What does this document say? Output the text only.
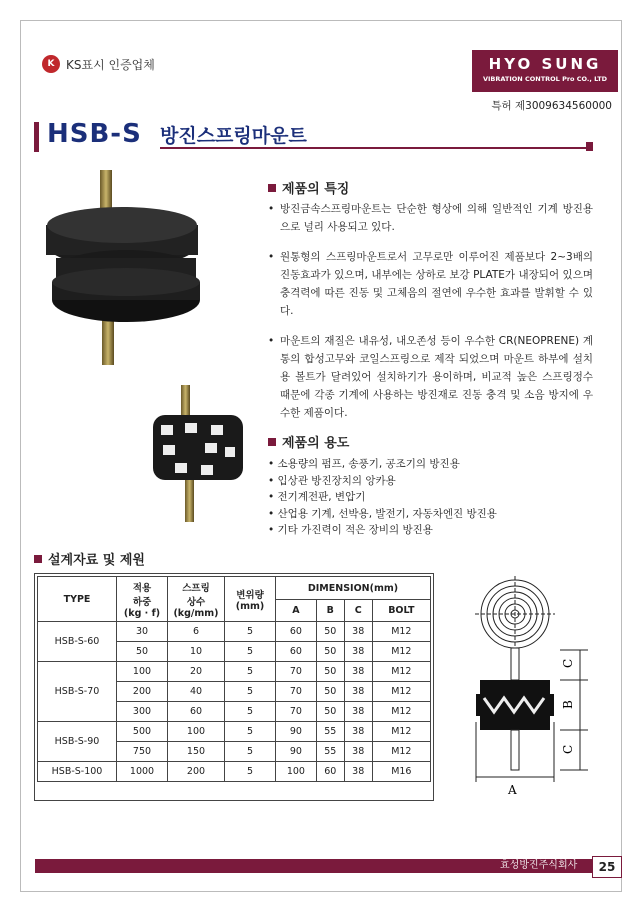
K KS표시 인증업체	HYO SUNG
VIBRATION CONTROL Pro CO., LTD
특허 제3009634560000
HSB-S 방진스프링마운트
제품의 특징
• 방진금속스프링마운트는 단순한 형상에 의해 일반적인 기계 방진용으로 널리 사용되고 있다.
• 원통형의 스프링마운트로서 고무로만 이루어진 제품보다 2~3배의 진동효과가 있으며, 내부에는 상하로 보강 PLATE가 내장되어 있으며 충격력에 따른 진동 및 고체음의 절연에 우수한 효과를 발휘할 수 있다.
• 마운트의 재질은 내유성, 내오존성 등이 우수한 CR(NEOPRENE) 계통의 합성고무와 코일스프링으로 제작 되었으며 마운트 하부에 설치용 볼트가 달려있어 설치하기가 용이하며, 비교적 높은 스프링정수 때문에 각종 기계에 사용하는 방진재로 진동 충격 및 소음 방지에 우수한 제품이다.
제품의 용도
• 소용량의 펌프, 송풍기, 공조기의 방진용
• 입상관 방진장치의 앙카용
• 전기계전판, 변압기
• 산업용 기계, 선박용, 발전기, 자동차엔진 방진용
• 기타 가진력이 적은 장비의 방진용
설계자료 및 제원
TYPE	적용
하중
(kg · f)	스프링
상수
(kg/mm)	변위량
(mm)	DIMENSION(mm)			
				A	B	C	BOLT
HSB-S-60	30	6	5	60	50	38	M12
	50	10	5	60	50	38	M12
HSB-S-70	100	20	5	70	50	38	M12
	200	40	5	70	50	38	M12
	300	60	5	70	50	38	M12
HSB-S-90	500	100	5	90	55	38	M12
	750	150	5	90	55	38	M12
HSB-S-100	1000	200	5	100	60	38	M16
C
B
C
A
효성방진주식회사	25
